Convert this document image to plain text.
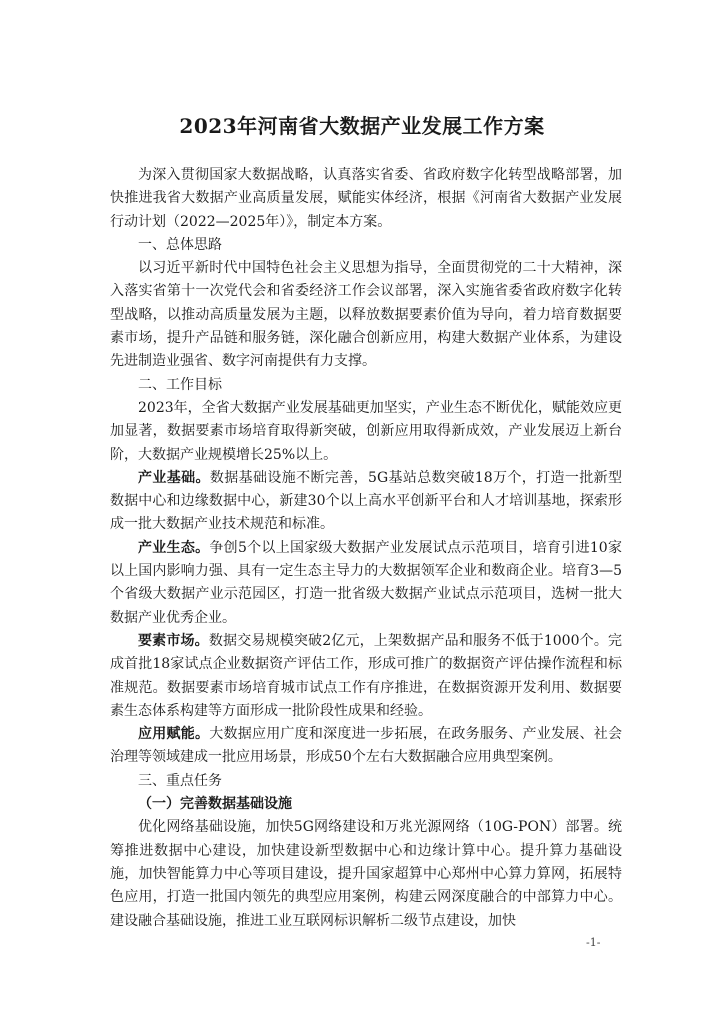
2023年河南省大数据产业发展工作方案

为深入贯彻国家大数据战略，认真落实省委、省政府数字化转型战略部署，加快推进我省大数据产业高质量发展，赋能实体经济，根据《河南省大数据产业发展行动计划（2022—2025年）》，制定本方案。

一、总体思路

以习近平新时代中国特色社会主义思想为指导，全面贯彻党的二十大精神，深入落实省第十一次党代会和省委经济工作会议部署，深入实施省委省政府数字化转型战略，以推动高质量发展为主题，以释放数据要素价值为导向，着力培育数据要素市场，提升产品链和服务链，深化融合创新应用，构建大数据产业体系，为建设先进制造业强省、数字河南提供有力支撑。

二、工作目标

2023年，全省大数据产业发展基础更加坚实，产业生态不断优化，赋能效应更加显著，数据要素市场培育取得新突破，创新应用取得新成效，产业发展迈上新台阶，大数据产业规模增长25%以上。

产业基础。数据基础设施不断完善，5G基站总数突破18万个，打造一批新型数据中心和边缘数据中心，新建30个以上高水平创新平台和人才培训基地，探索形成一批大数据产业技术规范和标准。

产业生态。争创5个以上国家级大数据产业发展试点示范项目，培育引进10家以上国内影响力强、具有一定生态主导力的大数据领军企业和数商企业。培育3—5个省级大数据产业示范园区，打造一批省级大数据产业试点示范项目，选树一批大数据产业优秀企业。

要素市场。数据交易规模突破2亿元，上架数据产品和服务不低于1000个。完成首批18家试点企业数据资产评估工作，形成可推广的数据资产评估操作流程和标准规范。数据要素市场培育城市试点工作有序推进，在数据资源开发利用、数据要素生态体系构建等方面形成一批阶段性成果和经验。

应用赋能。大数据应用广度和深度进一步拓展，在政务服务、产业发展、社会治理等领域建成一批应用场景，形成50个左右大数据融合应用典型案例。

三、重点任务

（一）完善数据基础设施

优化网络基础设施，加快5G网络建设和万兆光源网络（10G-PON）部署。统筹推进数据中心建设，加快建设新型数据中心和边缘计算中心。提升算力基础设施，加快智能算力中心等项目建设，提升国家超算中心郑州中心算力算网，拓展特色应用，打造一批国内领先的典型应用案例，构建云网深度融合的中部算力中心。建设融合基础设施，推进工业互联网标识解析二级节点建设，加快

-1-
